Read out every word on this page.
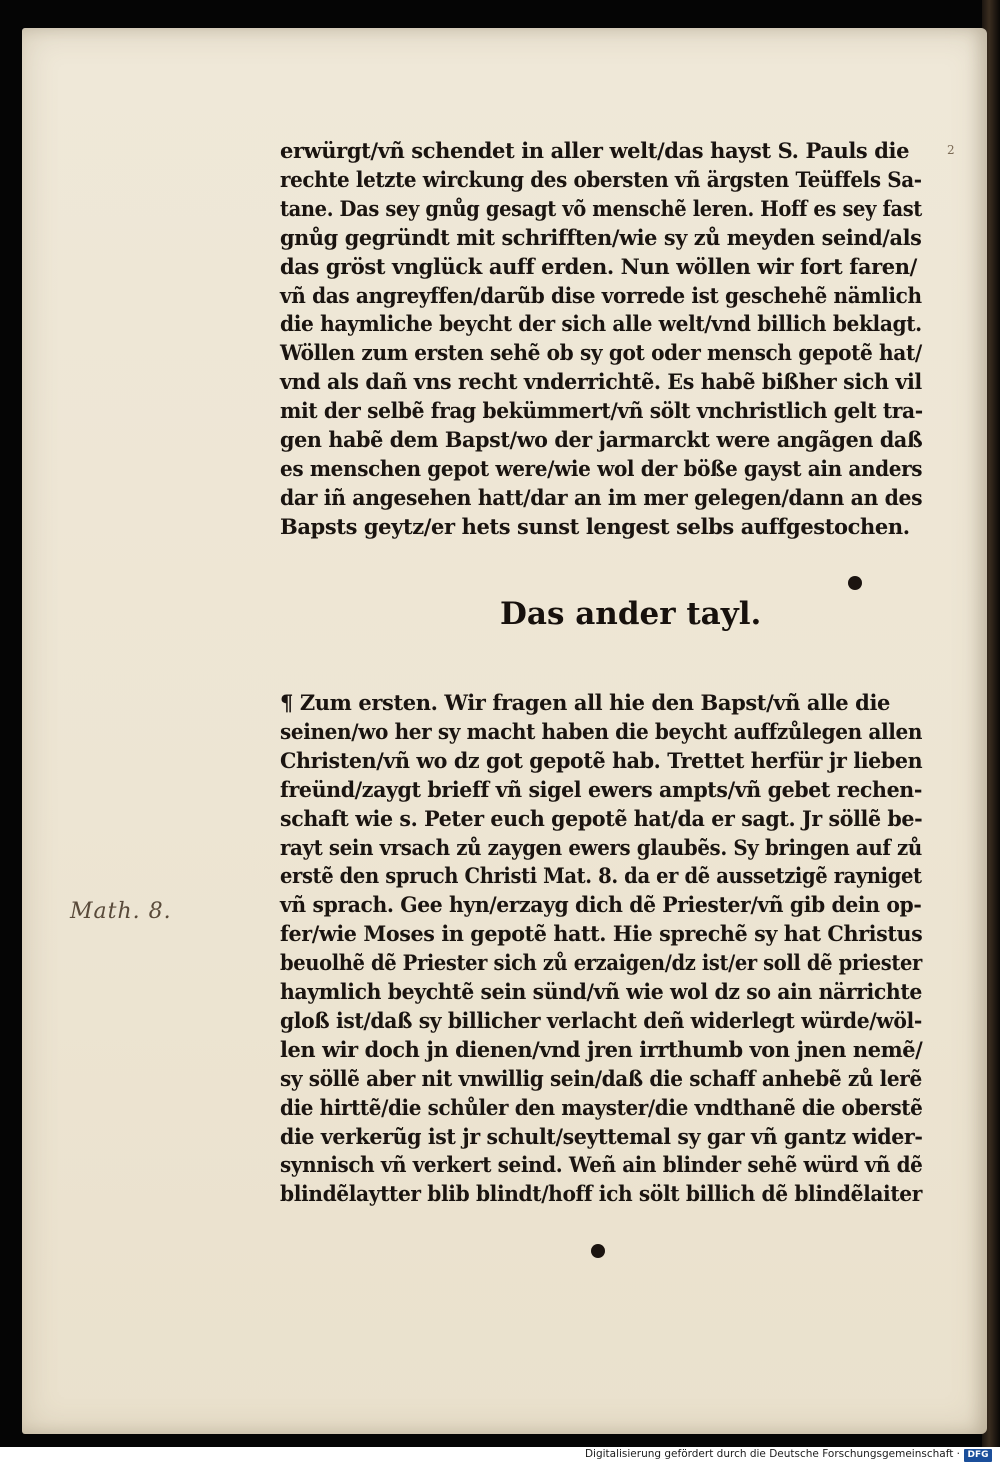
2
erwürgt/vñ schendet in aller welt/das hayst S. Pauls die
rechte letzte wirckung des obersten vñ ärgsten Teüffels Sa-
tane. Das sey gnůg gesagt võ menschẽ leren. Hoff es sey fast
gnůg gegründt mit schrifften/wie sy zů meyden seind/als
das gröst vnglück auff erden. Nun wöllen wir fort faren/
vñ das angreyffen/darũb dise vorrede ist geschehẽ nämlich
die haymliche beycht der sich alle welt/vnd billich beklagt.
Wöllen zum ersten sehẽ ob sy got oder mensch gepotẽ hat/
vnd als dañ vns recht vnderrichtẽ. Es habẽ bißher sich vil
mit der selbẽ frag bekümmert/vñ sölt vnchristlich gelt tra-
gen habẽ dem Bapst/wo der jarmarckt were angãgen daß
es menschen gepot were/wie wol der böße gayst ain anders
dar iñ angesehen hatt/dar an im mer gelegen/dann an des
Bapsts geytz/er hets sunst lengest selbs auffgestochen.
Das ander tayl.
¶ Zum ersten. Wir fragen all hie den Bapst/vñ alle die
seinen/wo her sy macht haben die beycht auffzůlegen allen
Christen/vñ wo dz got gepotẽ hab. Trettet herfür jr lieben
freünd/zaygt brieff vñ sigel ewers ampts/vñ gebet rechen-
schaft wie s. Peter euch gepotẽ hat/da er sagt. Jr söllẽ be-
rayt sein vrsach zů zaygen ewers glaubẽs. Sy bringen auf zů
erstẽ den spruch Christi Mat. 8. da er dẽ aussetzigẽ rayniget
vñ sprach. Gee hyn/erzayg dich dẽ Priester/vñ gib dein op-
fer/wie Moses in gepotẽ hatt. Hie sprechẽ sy hat Christus
beuolhẽ dẽ Priester sich zů erzaigen/dz ist/er soll dẽ priester
haymlich beychtẽ sein sünd/vñ wie wol dz so ain närrichte
gloß ist/daß sy billicher verlacht deñ widerlegt würde/wöl-
len wir doch jn dienen/vnd jren irrthumb von jnen nemẽ/
sy söllẽ aber nit vnwillig sein/daß die schaff anhebẽ zů lerẽ
die hirttẽ/die schůler den mayster/die vndthanẽ die oberstẽ
die verkerũg ist jr schult/seyttemal sy gar vñ gantz wider-
synnisch vñ verkert seind. Weñ ain blinder sehẽ würd vñ dẽ
blindẽlaytter blib blindt/hoff ich sölt billich dẽ blindẽlaiter
Math. 8.
Digitalisierung gefördert durch die Deutsche Forschungsgemeinschaft · DFG
